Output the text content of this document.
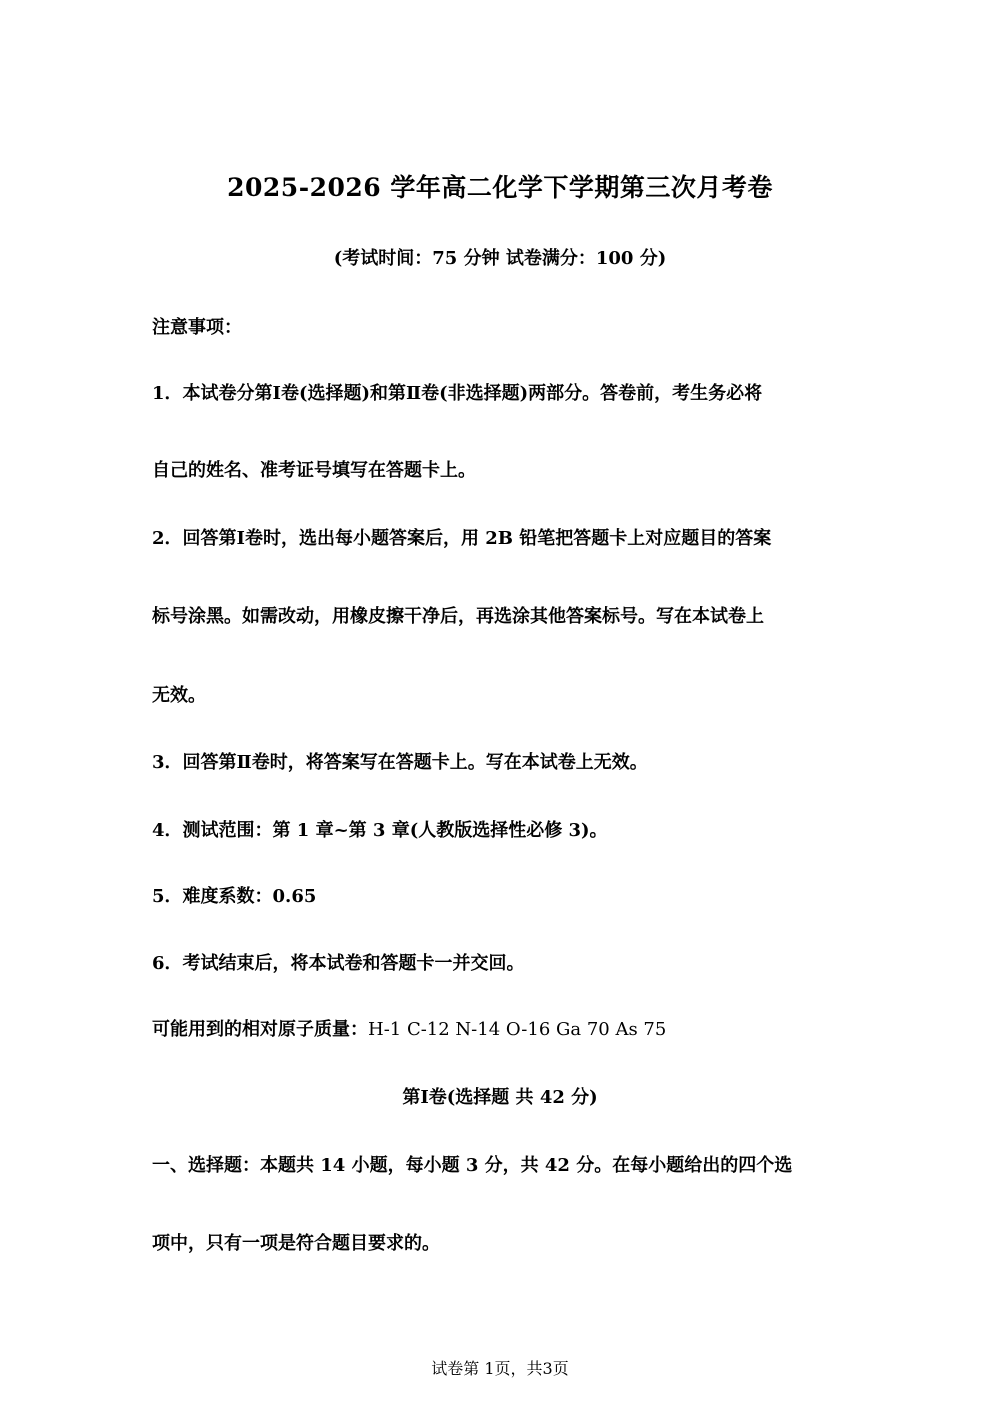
2025-2026 学年高二化学下学期第三次月考卷
(考试时间：75 分钟 试卷满分：100 分)
注意事项：
1．本试卷分第Ⅰ卷(选择题)和第Ⅱ卷(非选择题)两部分。答卷前，考生务必将
自己的姓名、准考证号填写在答题卡上。
2．回答第Ⅰ卷时，选出每小题答案后，用 2B 铅笔把答题卡上对应题目的答案
标号涂黑。如需改动，用橡皮擦干净后，再选涂其他答案标号。写在本试卷上
无效。
3．回答第Ⅱ卷时，将答案写在答题卡上。写在本试卷上无效。
4．测试范围：第 1 章~第 3 章(人教版选择性必修 3)。
5．难度系数：0.65
6．考试结束后，将本试卷和答题卡一并交回。
可能用到的相对原子质量：H-1 C-12 N-14 O-16 Ga 70 As 75
第Ⅰ卷(选择题 共 42 分)
一、选择题：本题共 14 小题，每小题 3 分，共 42 分。在每小题给出的四个选
项中，只有一项是符合题目要求的。
试卷第 1页，共3页
